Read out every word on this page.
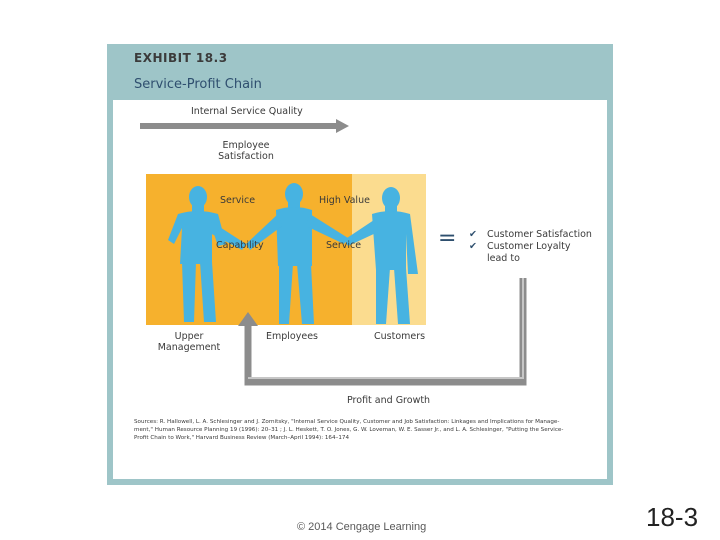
EXHIBIT 18.3
Service-Profit Chain
Internal Service Quality
Employee
Satisfaction
Service
Capability
High Value
Service	= ✔ Customer Satisfaction
✔ Customer Loyalty
lead to
Upper
Management
Employees	Customers
Profit and Growth
Sources: R. Hallowell, L. A. Schlesinger and J. Zornitsky, "Internal Service Quality, Customer and Job Satisfaction: Linkages and Implications for Manage-
ment," Human Resource Planning 19 (1996): 20–31 ; J. L. Heskett, T. O. Jones, G. W. Loveman, W. E. Sasser Jr., and L. A. Schlesinger, "Putting the Service-
Profit Chain to Work," Harvard Business Review (March–April 1994): 164–174
© 2014 Cengage Learning	18-3
